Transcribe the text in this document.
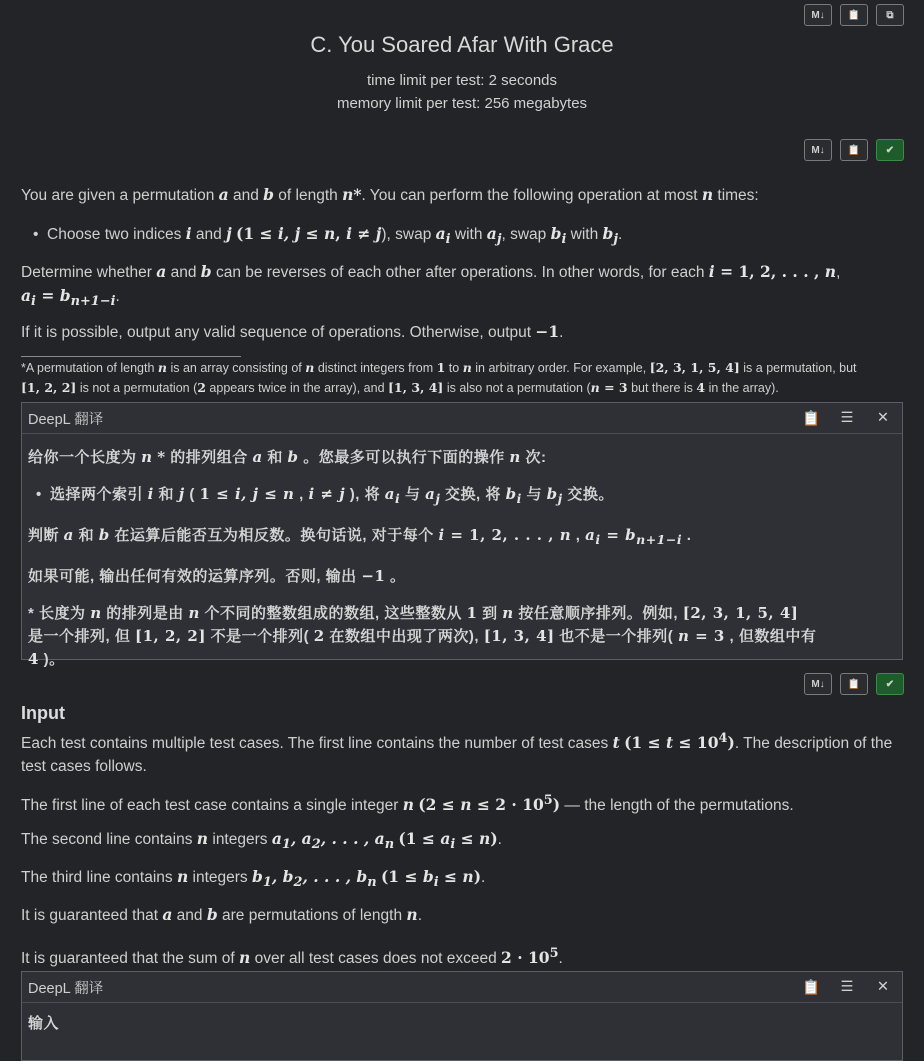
M↓	📋	⧉
C. You Soared Afar With Grace
time limit per test: 2 seconds
memory limit per test: 256 megabytes
M↓	📋	✔
You are given a permutation a and b of length n*. You can perform the following operation at most n times:
• Choose two indices i and j (1 ≤ i, j ≤ n, i ≠ j), swap $a_i$ with $a_j$, swap $b_i$ with $b_j$.
Determine whether a and b can be reverses of each other after operations. In other words, for each i = 1, 2, . . . , n,
$a_i = b_{n+1-i}$.
If it is possible, output any valid sequence of operations. Otherwise, output −1.
*A permutation of length n is an array consisting of n distinct integers from 1 to n in arbitrary order. For example, [2, 3, 1, 5, 4] is a permutation, but
[1, 2, 2] is not a permutation (2 appears twice in the array), and [1, 3, 4] is also not a permutation (n = 3 but there is 4 in the array).
DeepL 翻译	📋 ☰ ✕
给你一个长度为 n * 的排列组合 a 和 b 。您最多可以执行下面的操作 n 次:
• 选择两个索引 i 和 j ( 1 ≤ i, j ≤ n , i ≠ j ), 将 $a_i$ 与 $a_j$ 交换, 将 $b_i$ 与 $b_j$ 交换。
判断 a 和 b 在运算后能否互为相反数。换句话说, 对于每个 i = 1, 2, . . . , n , $a_i = b_{n+1-i}$ .
如果可能, 输出任何有效的运算序列。否则, 输出 −1 。
* 长度为 n 的排列是由 n 个不同的整数组成的数组, 这些整数从 1 到 n 按任意顺序排列。例如, [2, 3, 1, 5, 4]
是一个排列, 但 [1, 2, 2] 不是一个排列( 2 在数组中出现了两次), [1, 3, 4] 也不是一个排列( n = 3 , 但数组中有
4 )。
M↓	📋	✔
Input
Each test contains multiple test cases. The first line contains the number of test cases t $(1 \le t \le 10^4)$. The description of the
test cases follows.
The first line of each test case contains a single integer n $(2 \le n \le 2 \cdot 10^5)$ — the length of the permutations.
The second line contains n integers $a_1$, $a_2$, . . . , $a_n$ $(1 \le a_i \le n)$.
The third line contains n integers $b_1$, $b_2$, . . . , $b_n$ $(1 \le b_i \le n)$.
It is guaranteed that a and b are permutations of length n.
It is guaranteed that the sum of n over all test cases does not exceed $2 \cdot 10^5$.
DeepL 翻译	📋 ☰ ✕
输入
